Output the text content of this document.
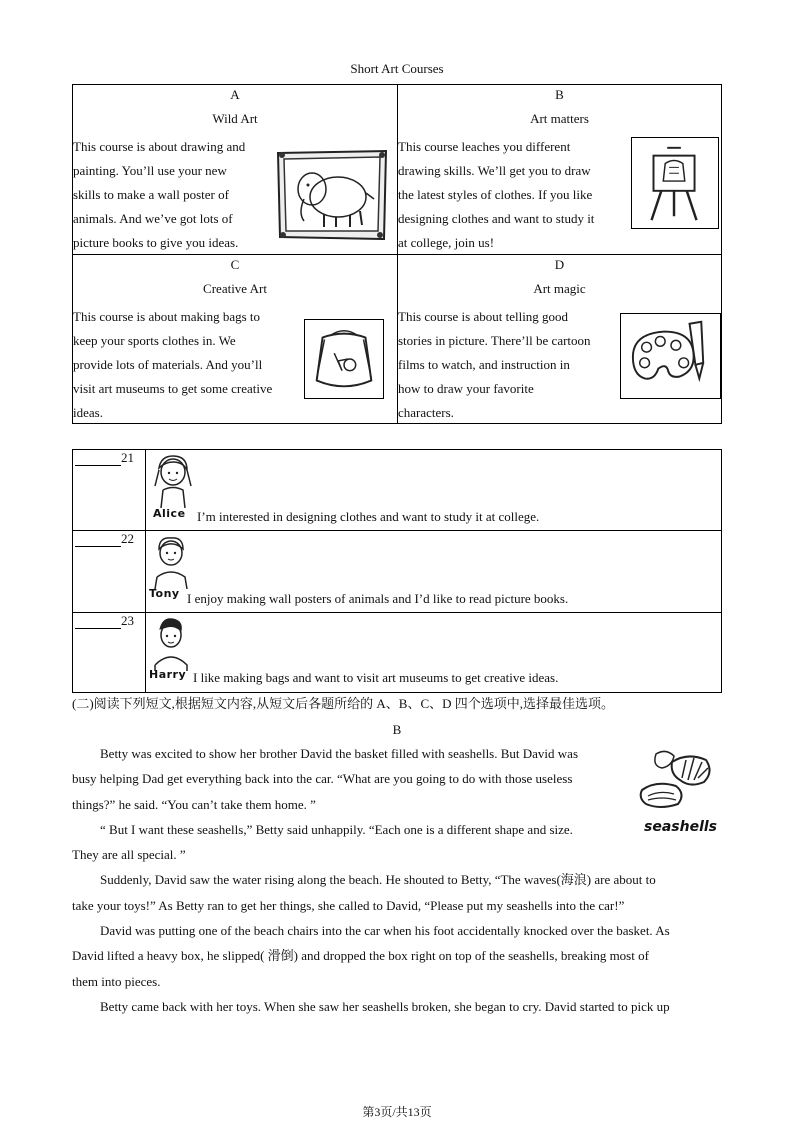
Short Art Courses
A
Wild Art
This course is about drawing and
painting. You’ll use your new
skills to make a wall poster of
animals. And we’ve got lots of
picture books to give you ideas.
B
Art matters
This course leaches you different
drawing skills. We’ll get you to draw
the latest styles of clothes. If you like
designing clothes and want to study it
at college, join us!
C
Creative Art
This course is about making bags to
keep your sports clothes in. We
provide lots of materials. And you’ll
visit art museums to get some creative
ideas.
D
Art magic
This course is about telling good
stories in picture. There’ll be cartoon
films to watch, and instruction in
how to draw your favorite
characters.
21
Alice I’m interested in designing clothes and want to study it at college.
22
Tony I enjoy making wall posters of animals and I’d like to read picture books.
23
Harry I like making bags and want to visit art museums to get creative ideas.
(二)阅读下列短文,根据短文内容,从短文后各题所给的 A、B、C、D 四个选项中,选择最佳选项。
B
Betty was excited to show her brother David the basket filled with seashells. But David was
busy helping Dad get everything back into the car. “What are you going to do with those useless
things?” he said. “You can’t take them home. ”
“ But I want these seashells,” Betty said unhappily. “Each one is a different shape and size.
They are all special. ”
Suddenly, David saw the water rising along the beach. He shouted to Betty, “The waves(海浪) are about to
take your toys!” As Betty ran to get her things, she called to David, “Please put my seashells into the car!”
David was putting one of the beach chairs into the car when his foot accidentally knocked over the basket. As
David lifted a heavy box, he slipped( 滑倒) and dropped the box right on top of the seashells, breaking most of
them into pieces.
Betty came back with her toys. When she saw her seashells broken, she began to cry. David started to pick up
seashells
第3页/共13页
